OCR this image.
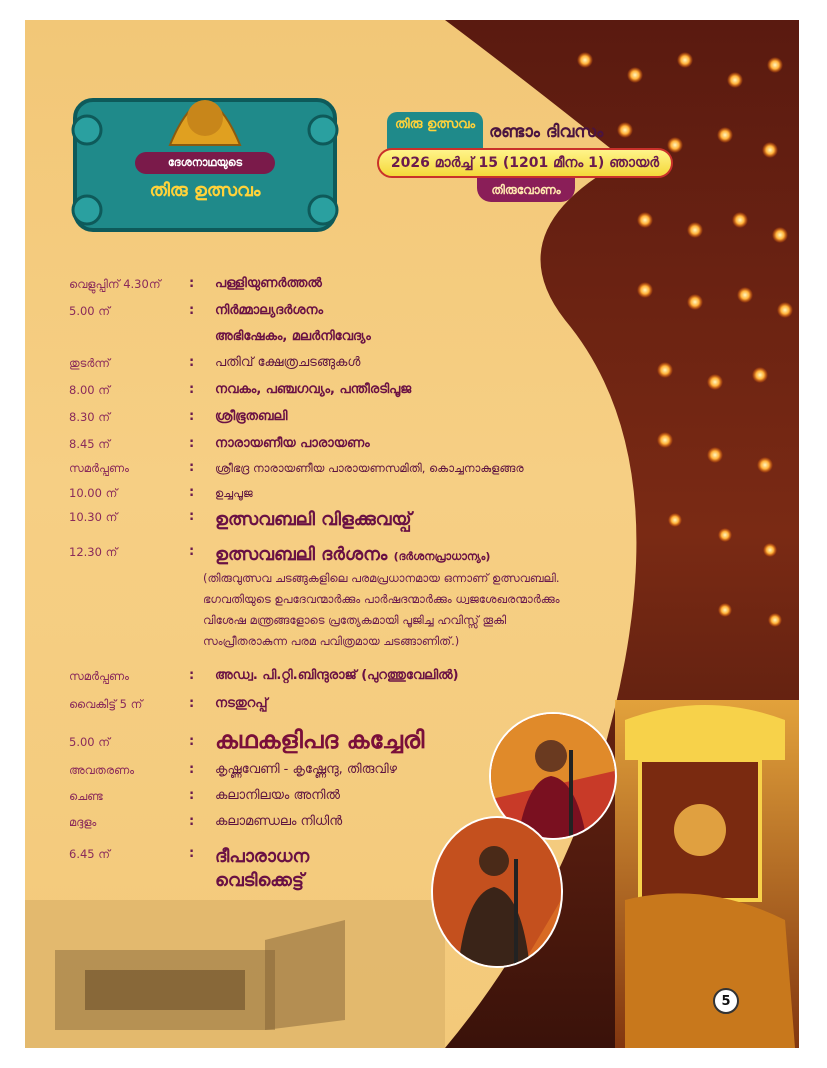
ദേശനാഥയുടെ
തിരു ഉത്സവം
തിരു ഉത്സവം രണ്ടാം ദിവസം
2026 മാർച്ച് 15 (1201 മീനം 1) ഞായർ
തിരുവോണം
വെളുപ്പിന് 4.30ന്	:	പള്ളിയുണർത്തൽ
5.00 ന്	:	നിർമ്മാല്യദർശനം
അഭിഷേകം, മലർനിവേദ്യം
തുടർന്ന്	:	പതിവ് ക്ഷേത്രചടങ്ങുകൾ
8.00 ന്	:	നവകം, പഞ്ചഗവ്യം, പന്തീരടിപൂജ
8.30 ന്	:	ശ്രീഭൂതബലി
8.45 ന്	:	നാരായണീയ പാരായണം
സമർപ്പണം	:	ശ്രീഭദ്ര നാരായണീയ പാരായണസമിതി, കൊച്ചനാകുളങ്ങര
10.00 ന്	:	ഉച്ചപൂജ
10.30 ന്	:	ഉത്സവബലി വിളക്കുവയ്പ്
12.30 ന്	:	ഉത്സവബലി ദർശനം (ദർശനപ്രാധാന്യം)
(തിരുവുത്സവ ചടങ്ങുകളിലെ പരമപ്രധാനമായ ഒന്നാണ് ഉത്സവബലി.
ഭഗവതിയുടെ ഉപദേവന്മാർക്കും പാർഷദന്മാർക്കും ധ്വജശേഖരന്മാർക്കും
വിശേഷ മന്ത്രങ്ങളോടെ പ്രത്യേകമായി പൂജിച്ച ഹവിസ്സ് തൂകി
സംപ്രീതരാകുന്ന പരമ പവിത്രമായ ചടങ്ങാണിത്.)
സമർപ്പണം	:	അഡ്വ. പി.റ്റി.ബിന്ദുരാജ് (പുറത്തുവേലിൽ)
വൈകിട്ട് 5 ന്	:	നടതുറപ്പ്
5.00 ന്	: കഥകളിപദ കച്ചേരി
അവതരണം	:	കൃഷ്ണവേണി - കൃഷ്ണേന്ദു, തിരുവിഴ
ചെണ്ട	:	കലാനിലയം അനിൽ
മദ്ദളം	:	കലാമണ്ഡലം നിധിൻ
6.45 ന്	:	ദീപാരാധന
വെടിക്കെട്ട്
5
